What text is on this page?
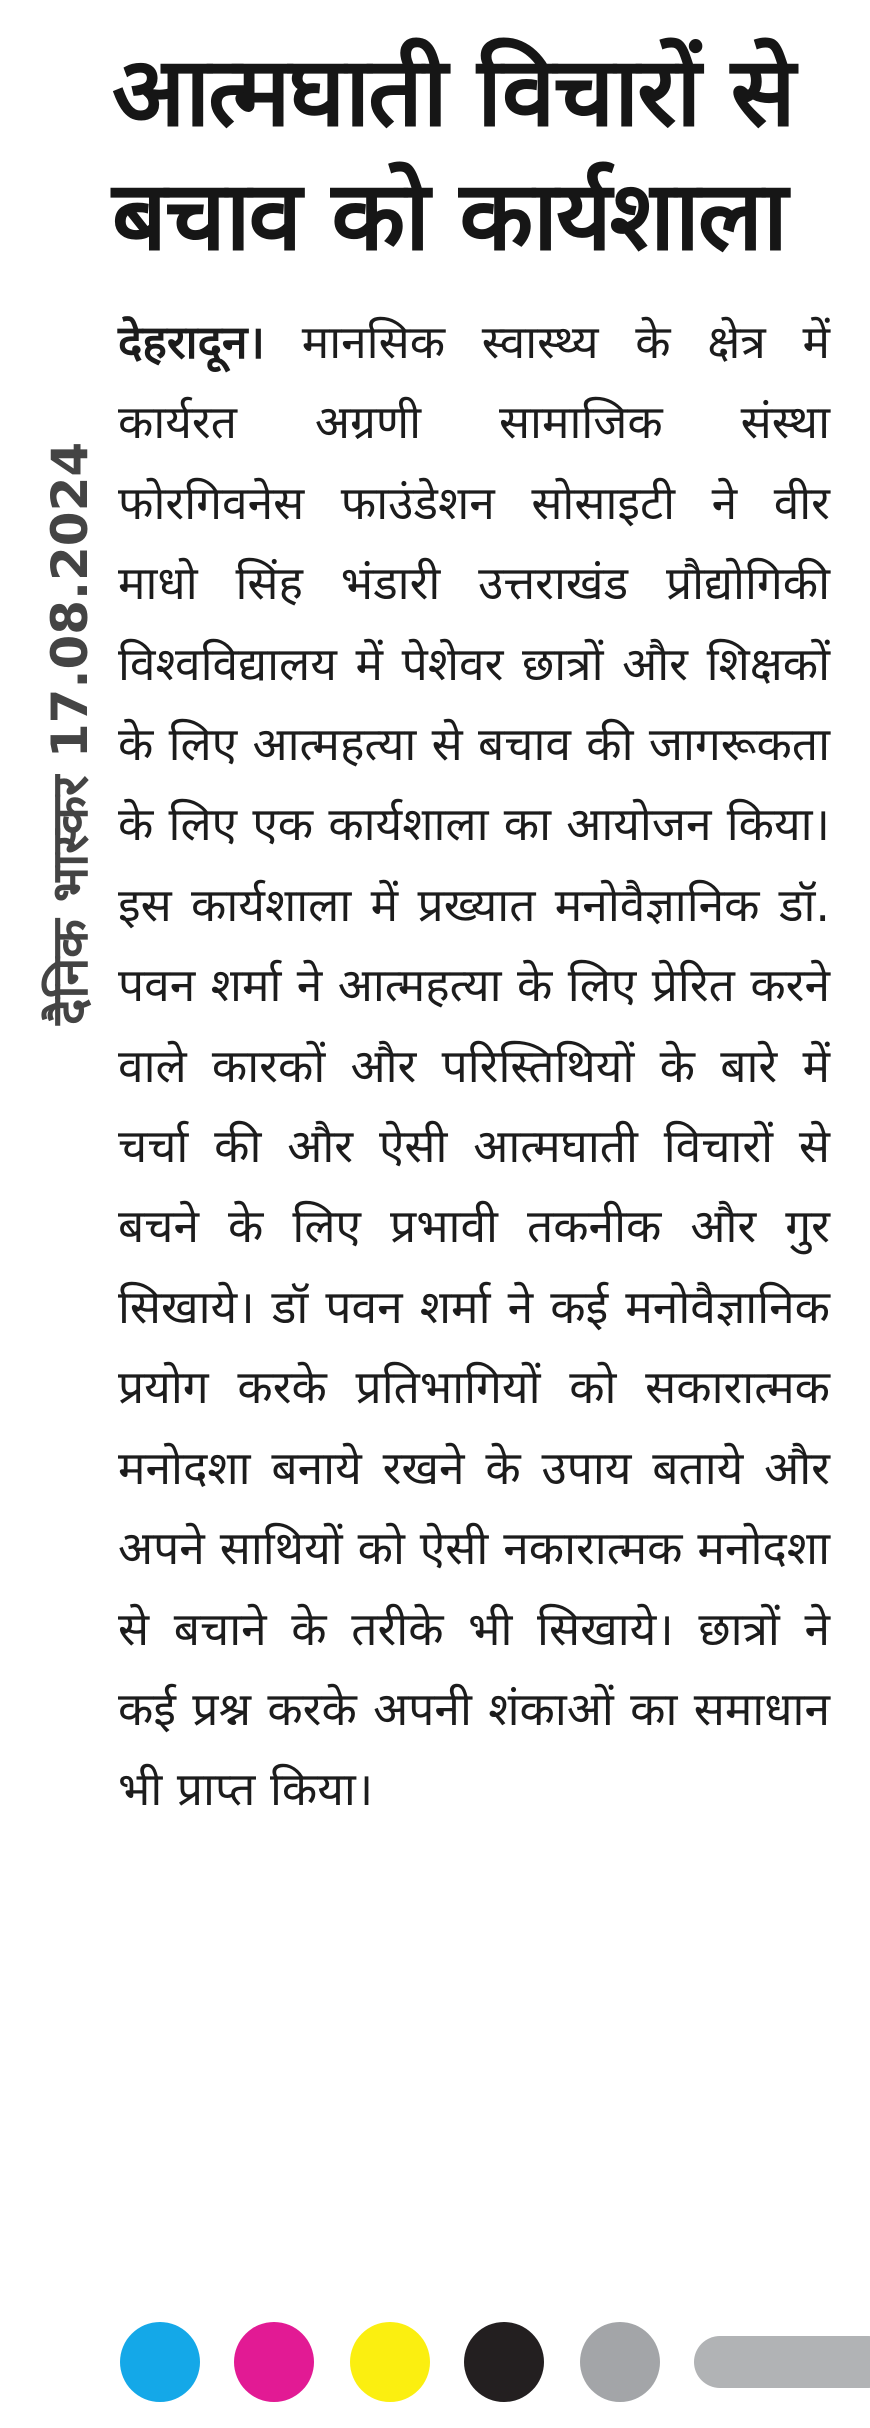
आत्मघाती विचारों से
बचाव को कार्यशाला
दैनिक भास्कर 17.08.2024

देहरादून। मानसिक स्वास्थ्य के क्षेत्र में कार्यरत अग्रणी सामाजिक संस्था फोरगिवनेस फाउंडेशन सोसाइटी ने वीर माधो सिंह भंडारी उत्तराखंड प्रौद्योगिकी विश्वविद्यालय में पेशेवर छात्रों और शिक्षकों के लिए आत्महत्या से बचाव की जागरूकता के लिए एक कार्यशाला का आयोजन किया। इस कार्यशाला में प्रख्यात मनोवैज्ञानिक डॉ. पवन शर्मा ने आत्महत्या के लिए प्रेरित करने वाले कारकों और परिस्तिथियों के बारे में चर्चा की और ऐसी आत्मघाती विचारों से बचने के लिए प्रभावी तकनीक और गुर सिखाये। डॉ पवन शर्मा ने कई मनोवैज्ञानिक प्रयोग करके प्रतिभागियों को सकारात्मक मनोदशा बनाये रखने के उपाय बताये और अपने साथियों को ऐसी नकारात्मक मनोदशा से बचाने के तरीके भी सिखाये। छात्रों ने कई प्रश्न करके अपनी शंकाओं का समाधान भी प्राप्त किया।
